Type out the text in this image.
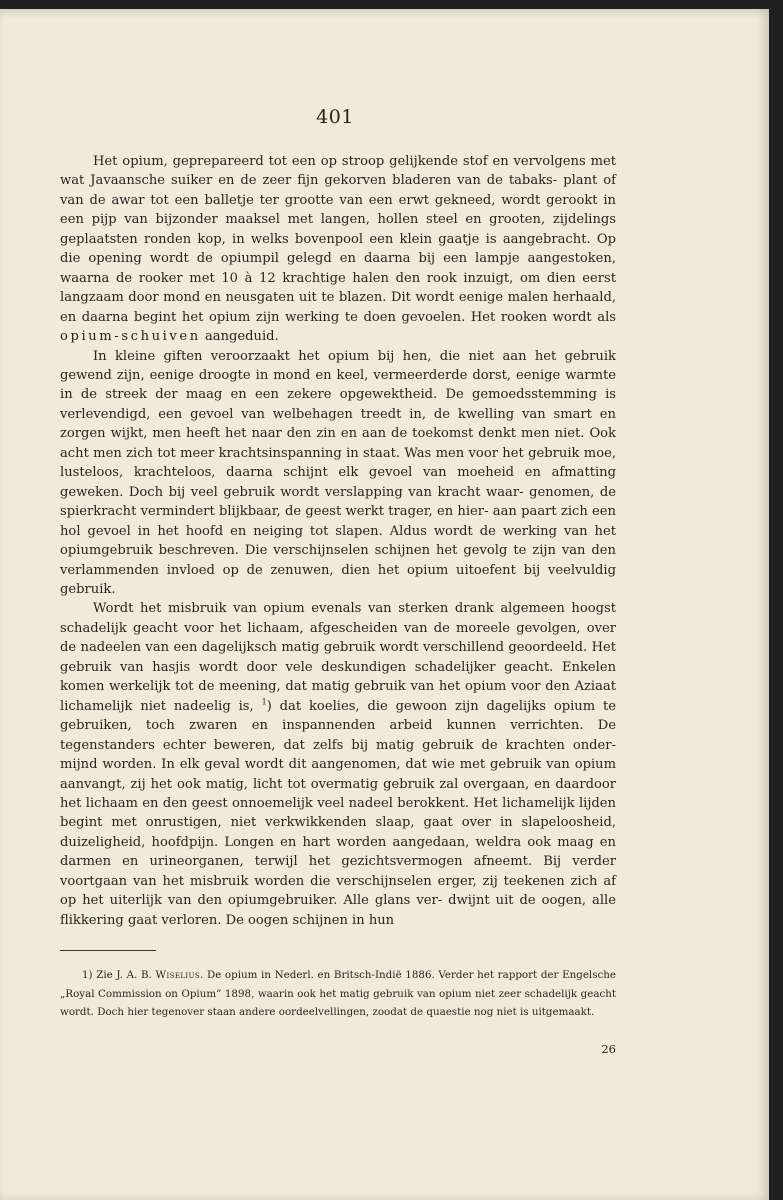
401

Het opium, geprepareerd tot een op stroop gelijkende stof en vervolgens met wat Javaansche suiker en de zeer fijn gekorven bladeren van de tabaks- plant of van de awar tot een balletje ter grootte van een erwt gekneed, wordt gerookt in een pijp van bijzonder maaksel met langen, hollen steel en grooten, zijdelings geplaatsten ronden kop, in welks bovenpool een klein gaatje is aangebracht. Op die opening wordt de opiumpil gelegd en daarna bij een lampje aangestoken, waarna de rooker met 10 à 12 krachtige halen den rook inzuigt, om dien eerst langzaam door mond en neusgaten uit te blazen. Dit wordt eenige malen herhaald, en daarna begint het opium zijn werking te doen gevoelen. Het rooken wordt als opium-schuiven aangeduid.

In kleine giften veroorzaakt het opium bij hen, die niet aan het gebruik gewend zijn, eenige droogte in mond en keel, vermeerderde dorst, eenige warmte in de streek der maag en een zekere opgewektheid. De gemoedsstemming is verlevendigd, een gevoel van welbehagen treedt in, de kwelling van smart en zorgen wijkt, men heeft het naar den zin en aan de toekomst denkt men niet. Ook acht men zich tot meer krachtsinspanning in staat. Was men voor het gebruik moe, lusteloos, krachteloos, daarna schijnt elk gevoel van moeheid en afmatting geweken. Doch bij veel gebruik wordt verslapping van kracht waar- genomen, de spierkracht vermindert blijkbaar, de geest werkt trager, en hier- aan paart zich een hol gevoel in het hoofd en neiging tot slapen. Aldus wordt de werking van het opiumgebruik beschreven. Die verschijnselen schijnen het gevolg te zijn van den verlammenden invloed op de zenuwen, dien het opium uitoefent bij veelvuldig gebruik.

Wordt het misbruik van opium evenals van sterken drank algemeen hoogst schadelijk geacht voor het lichaam, afgescheiden van de moreele gevolgen, over de nadeelen van een dagelijksch matig gebruik wordt verschillend geoordeeld. Het gebruik van hasjis wordt door vele deskundigen schadelijker geacht. Enkelen komen werkelijk tot de meening, dat matig gebruik van het opium voor den Aziaat lichamelijk niet nadeelig is, $^1$) dat koelies, die gewoon zijn dagelijks opium te gebruiken, toch zwaren en inspannenden arbeid kunnen verrichten. De tegenstanders echter beweren, dat zelfs bij matig gebruik de krachten onder- mijnd worden. In elk geval wordt dit aangenomen, dat wie met gebruik van opium aanvangt, zij het ook matig, licht tot overmatig gebruik zal overgaan, en daardoor het lichaam en den geest onnoemelijk veel nadeel berokkent. Het lichamelijk lijden begint met onrustigen, niet verkwikkenden slaap, gaat over in slapeloosheid, duizeligheid, hoofdpijn. Longen en hart worden aangedaan, weldra ook maag en darmen en urineorganen, terwijl het gezichtsvermogen afneemt. Bij verder voortgaan van het misbruik worden die verschijnselen erger, zij teekenen zich af op het uiterlijk van den opiumgebruiker. Alle glans ver- dwijnt uit de oogen, alle flikkering gaat verloren. De oogen schijnen in hun

1) Zie J. A. B. Wiselius. De opium in Nederl. en Britsch-Indië 1886. Verder het rapport der Engelsche „Royal Commission on Opium” 1898, waarin ook het matig gebruik van opium niet zeer schadelijk geacht wordt. Doch hier tegenover staan andere oordeelvellingen, zoodat de quaestie nog niet is uitgemaakt.
26
